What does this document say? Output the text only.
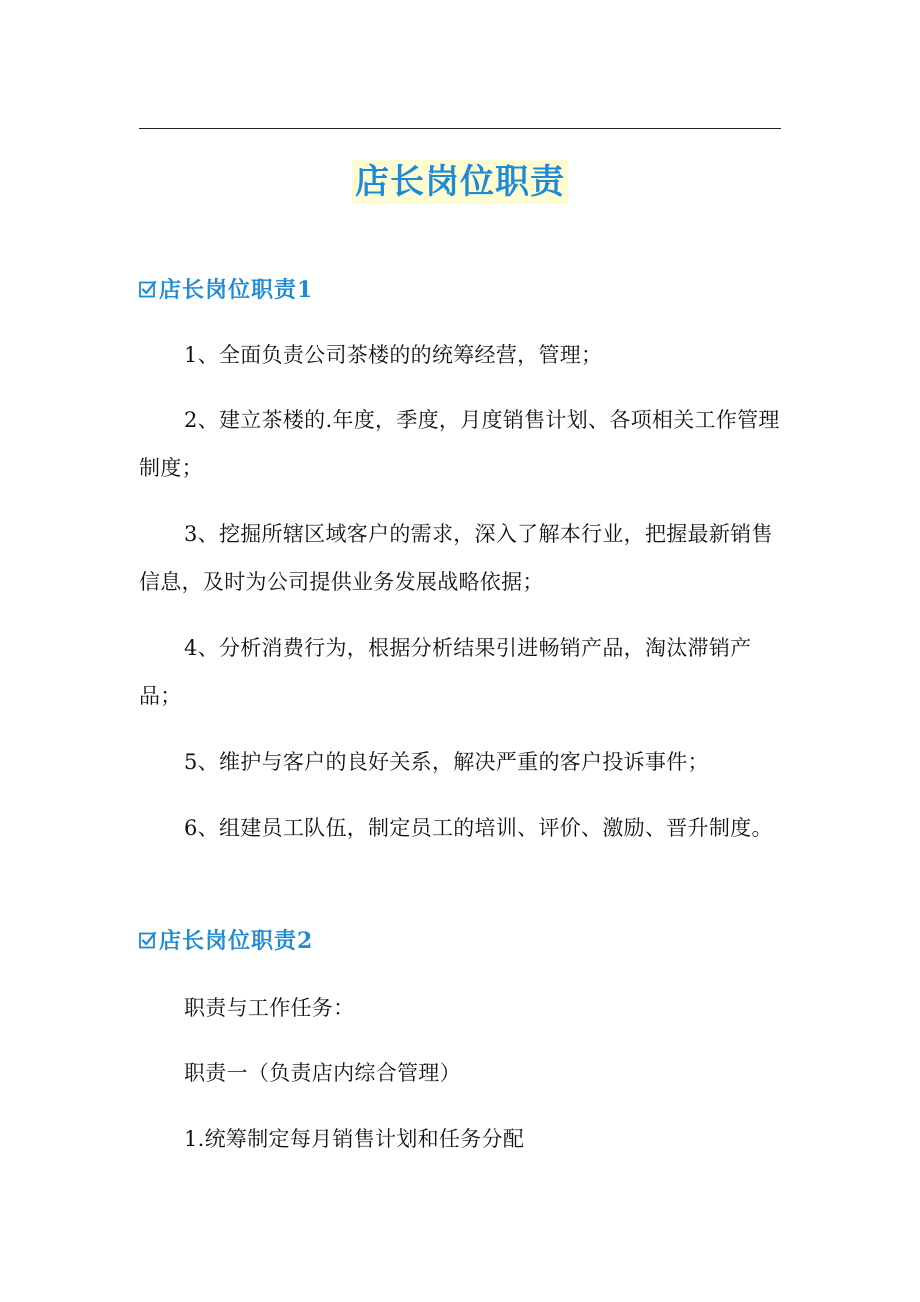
店长岗位职责
店长岗位职责1
1、全面负责公司茶楼的的统筹经营，管理；
2、建立茶楼的.年度，季度，月度销售计划、各项相关工作管理制度；
3、挖掘所辖区域客户的需求，深入了解本行业，把握最新销售信息，及时为公司提供业务发展战略依据；
4、分析消费行为，根据分析结果引进畅销产品，淘汰滞销产品；
5、维护与客户的良好关系，解决严重的客户投诉事件；
6、组建员工队伍，制定员工的培训、评价、激励、晋升制度。
店长岗位职责2
职责与工作任务：
职责一（负责店内综合管理）
1.统筹制定每月销售计划和任务分配
